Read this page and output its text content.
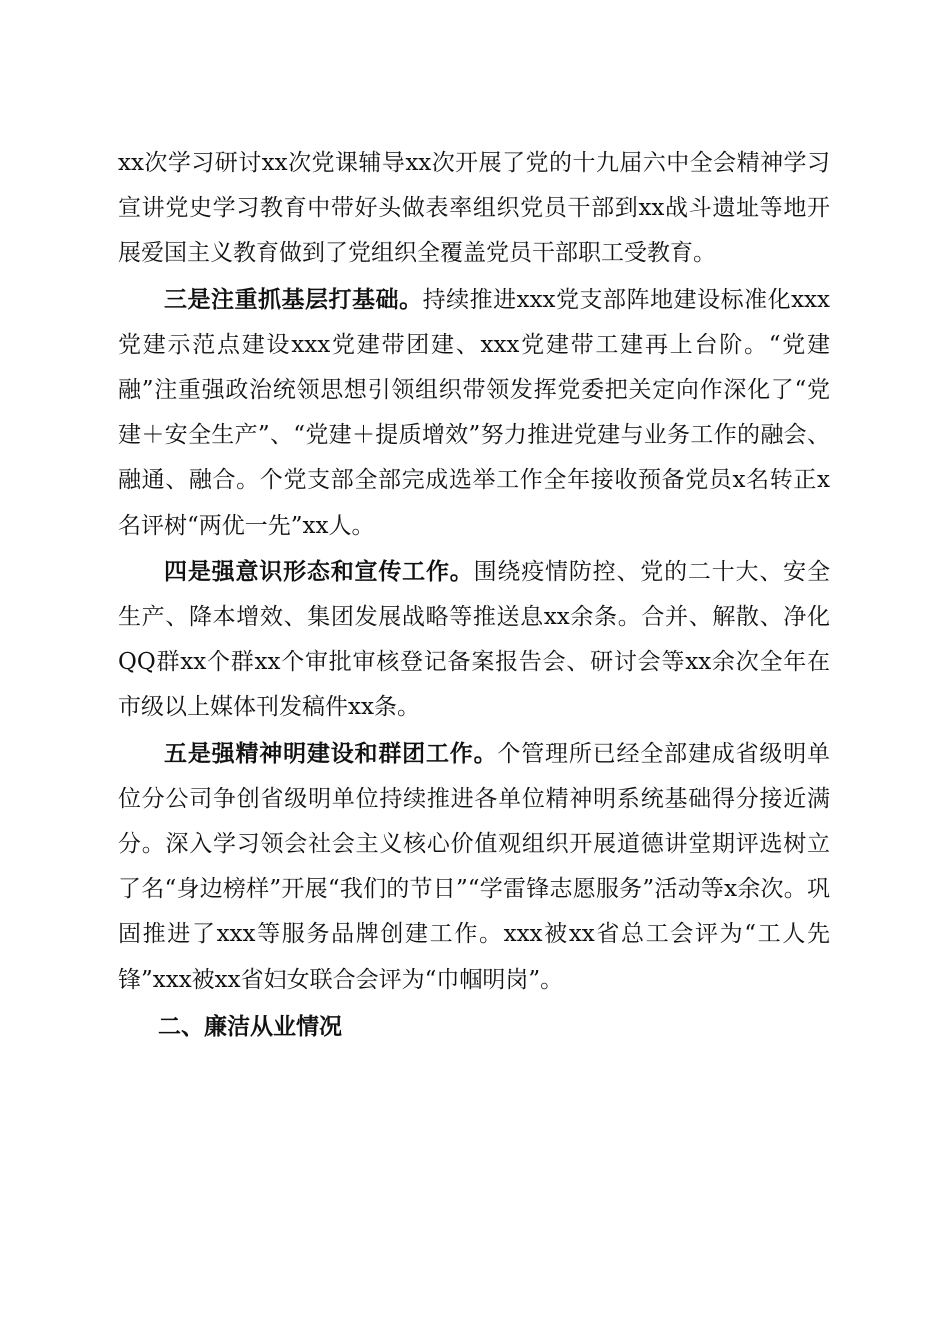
xx次学习研讨xx次党课辅导xx次开展了党的十九届六中全会精神学习宣讲党史学习教育中带好头做表率组织党员干部到xx战斗遗址等地开展爱国主义教育做到了党组织全覆盖党员干部职工受教育。

三是注重抓基层打基础。持续推进xxx党支部阵地建设标准化xxx党建示范点建设xxx党建带团建、xxx党建带工建再上台阶。“党建融”注重强政治统领思想引领组织带领发挥党委把关定向作深化了“党建＋安全生产”、“党建＋提质增效”努力推进党建与业务工作的融会、融通、融合。个党支部全部完成选举工作全年接收预备党员x名转正x名评树“两优一先”xx人。

四是强意识形态和宣传工作。围绕疫情防控、党的二十大、安全生产、降本增效、集团发展战略等推送息xx余条。合并、解散、净化QQ群xx个群xx个审批审核登记备案报告会、研讨会等xx余次全年在市级以上媒体刊发稿件xx条。

五是强精神明建设和群团工作。个管理所已经全部建成省级明单位分公司争创省级明单位持续推进各单位精神明系统基础得分接近满分。深入学习领会社会主义核心价值观组织开展道德讲堂期评选树立了名“身边榜样”开展“我们的节日”“学雷锋志愿服务”活动等x余次。巩固推进了xxx等服务品牌创建工作。xxx被xx省总工会评为“工人先锋”xxx被xx省妇女联合会评为“巾帼明岗”。

二、廉洁从业情况
